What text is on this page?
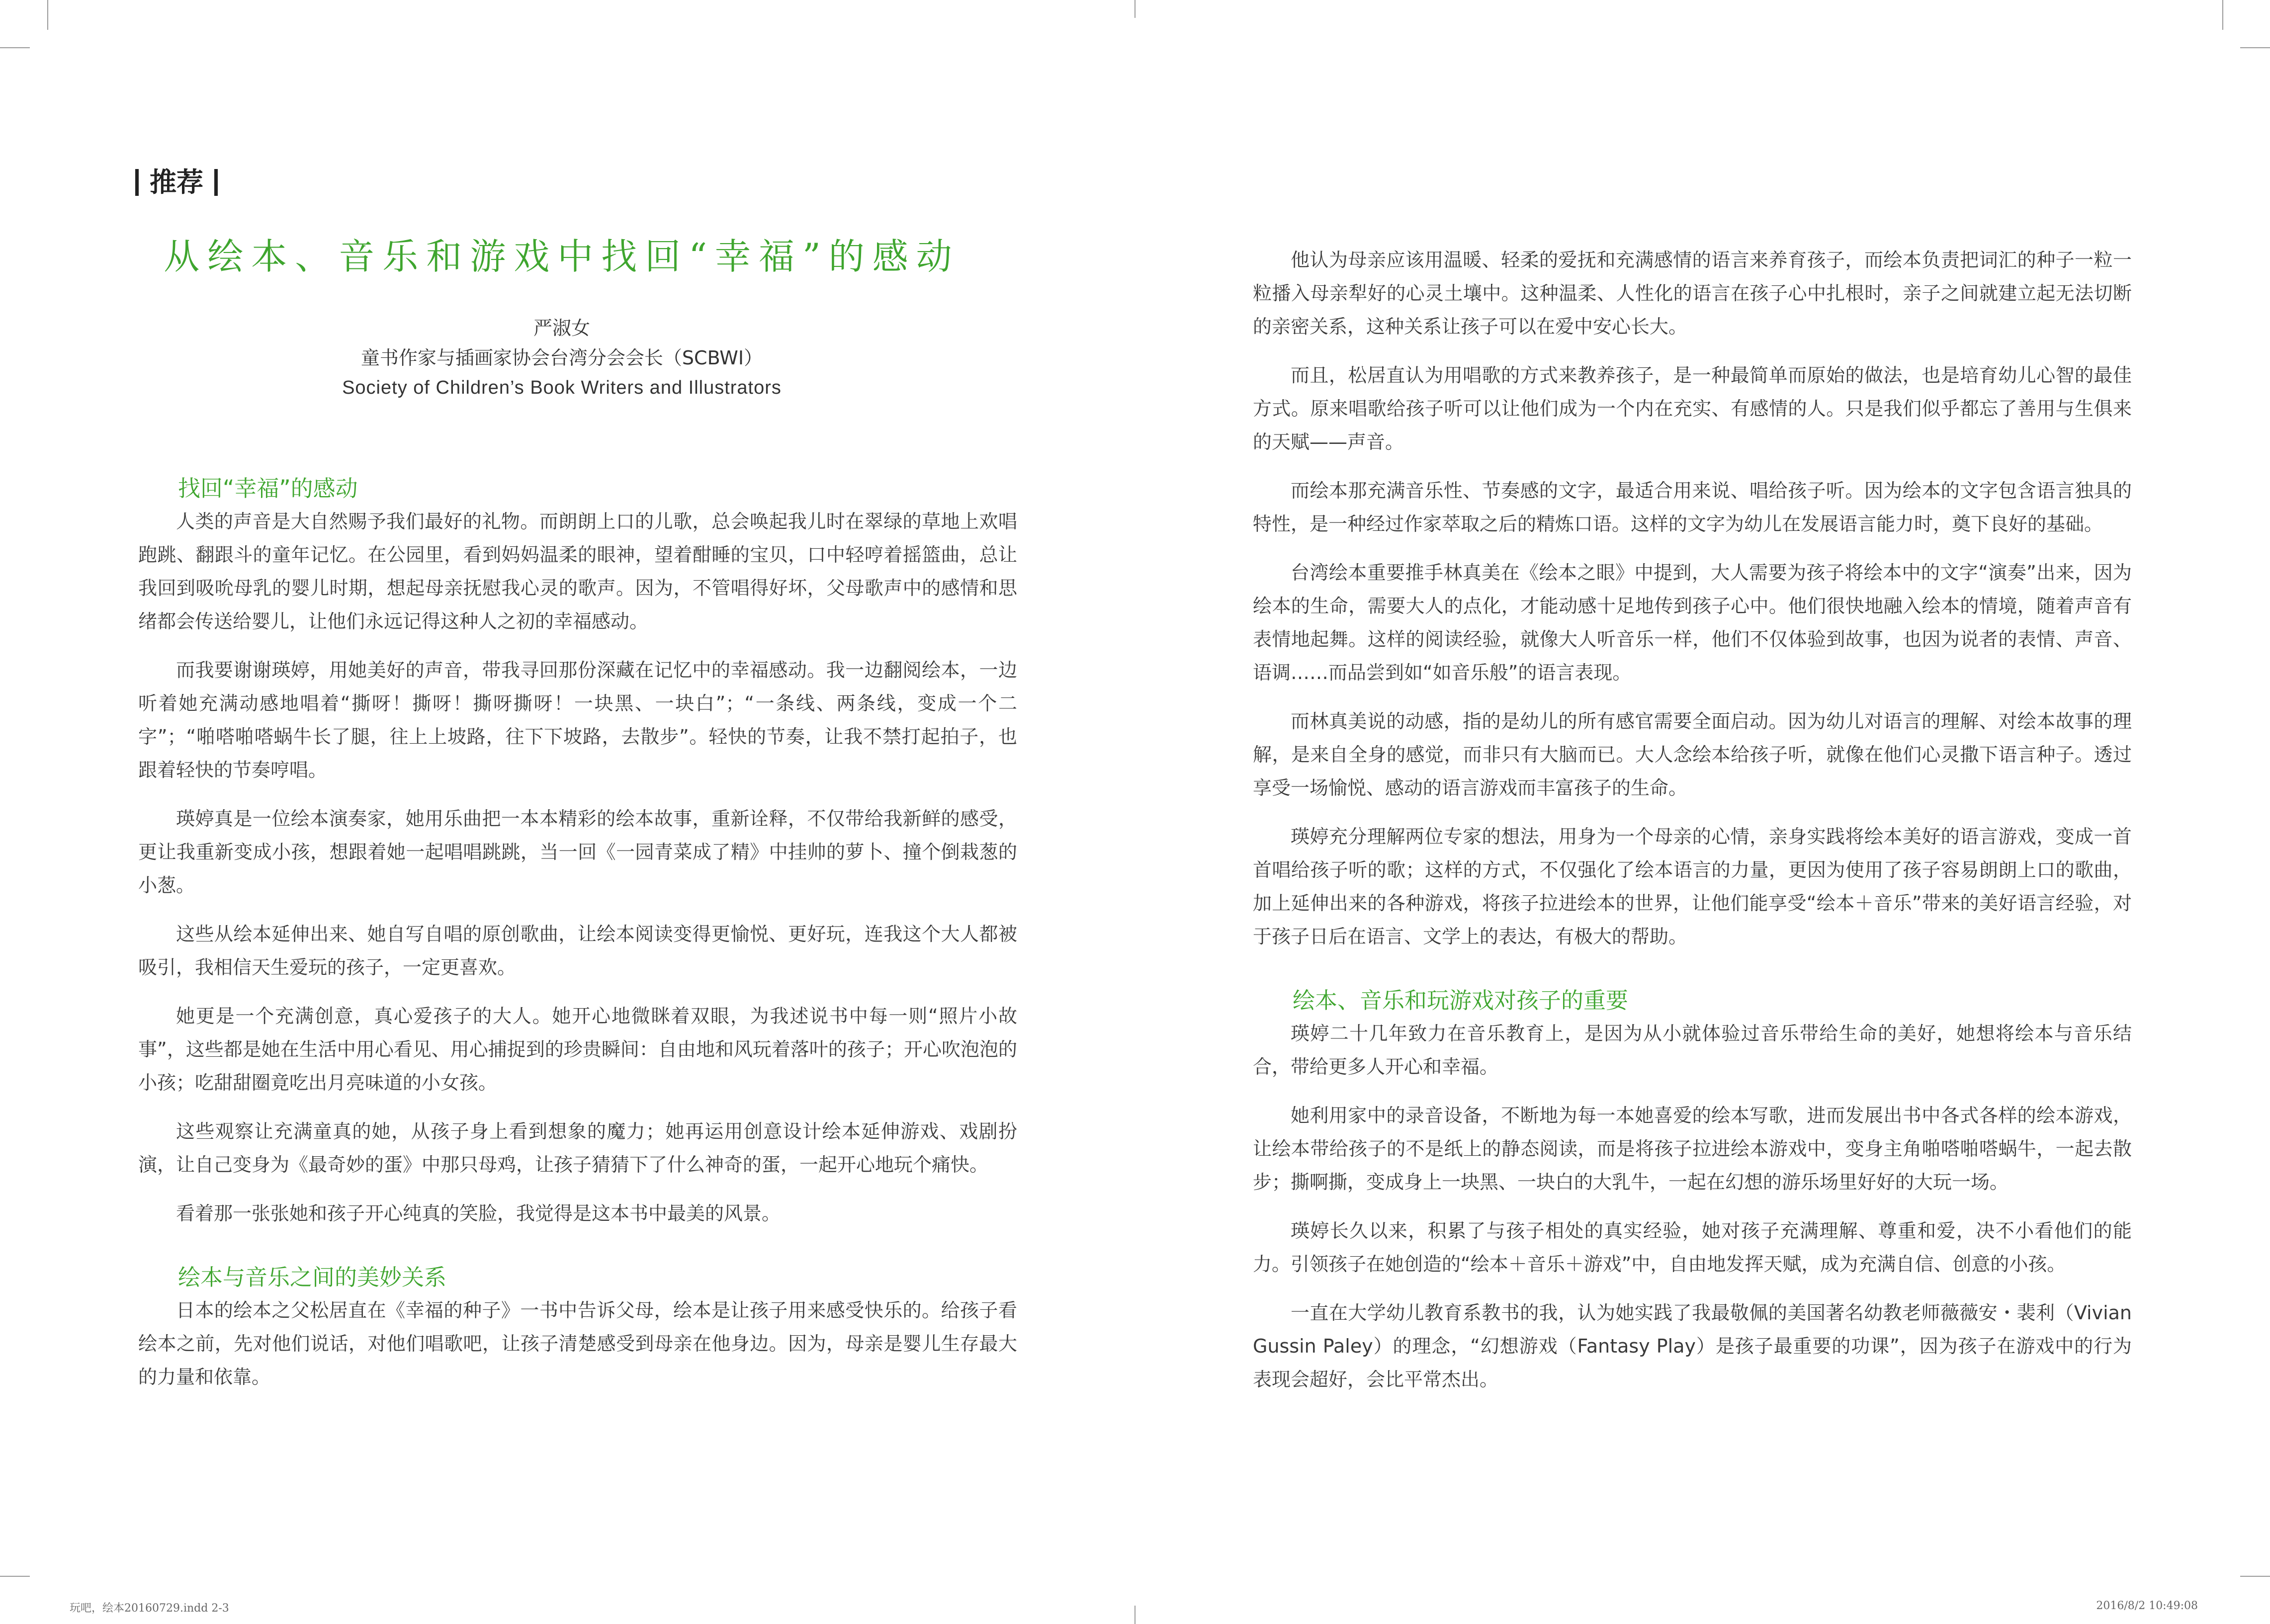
推荐
从绘本、音乐和游戏中找回“幸福”的感动
严淑女
童书作家与插画家协会台湾分会会长（SCBWI）
Society of Children’s Book Writers and Illustrators
找回“幸福”的感动

人类的声音是大自然赐予我们最好的礼物。而朗朗上口的儿歌，总会唤起我儿时在翠绿的草地上欢唱跑跳、翻跟斗的童年记忆。在公园里，看到妈妈温柔的眼神，望着酣睡的宝贝，口中轻哼着摇篮曲，总让我回到吸吮母乳的婴儿时期，想起母亲抚慰我心灵的歌声。因为，不管唱得好坏，父母歌声中的感情和思绪都会传送给婴儿，让他们永远记得这种人之初的幸福感动。

而我要谢谢瑛婷，用她美好的声音，带我寻回那份深藏在记忆中的幸福感动。我一边翻阅绘本，一边听着她充满动感地唱着“撕呀！撕呀！撕呀撕呀！一块黑、一块白”；“一条线、两条线，变成一个二字”；“啪嗒啪嗒蜗牛长了腿，往上上坡路，往下下坡路，去散步”。轻快的节奏，让我不禁打起拍子，也跟着轻快的节奏哼唱。

瑛婷真是一位绘本演奏家，她用乐曲把一本本精彩的绘本故事，重新诠释，不仅带给我新鲜的感受，更让我重新变成小孩，想跟着她一起唱唱跳跳，当一回《一园青菜成了精》中挂帅的萝卜、撞个倒栽葱的小葱。

这些从绘本延伸出来、她自写自唱的原创歌曲，让绘本阅读变得更愉悦、更好玩，连我这个大人都被吸引，我相信天生爱玩的孩子，一定更喜欢。

她更是一个充满创意，真心爱孩子的大人。她开心地微眯着双眼，为我述说书中每一则“照片小故事”，这些都是她在生活中用心看见、用心捕捉到的珍贵瞬间：自由地和风玩着落叶的孩子；开心吹泡泡的小孩；吃甜甜圈竟吃出月亮味道的小女孩。

这些观察让充满童真的她，从孩子身上看到想象的魔力；她再运用创意设计绘本延伸游戏、戏剧扮演，让自己变身为《最奇妙的蛋》中那只母鸡，让孩子猜猜下了什么神奇的蛋，一起开心地玩个痛快。

看着那一张张她和孩子开心纯真的笑脸，我觉得是这本书中最美的风景。

绘本与音乐之间的美妙关系

日本的绘本之父松居直在《幸福的种子》一书中告诉父母，绘本是让孩子用来感受快乐的。给孩子看绘本之前，先对他们说话，对他们唱歌吧，让孩子清楚感受到母亲在他身边。因为，母亲是婴儿生存最大的力量和依靠。

他认为母亲应该用温暖、轻柔的爱抚和充满感情的语言来养育孩子，而绘本负责把词汇的种子一粒一粒播入母亲犁好的心灵土壤中。这种温柔、人性化的语言在孩子心中扎根时，亲子之间就建立起无法切断的亲密关系，这种关系让孩子可以在爱中安心长大。

而且，松居直认为用唱歌的方式来教养孩子，是一种最简单而原始的做法，也是培育幼儿心智的最佳方式。原来唱歌给孩子听可以让他们成为一个内在充实、有感情的人。只是我们似乎都忘了善用与生俱来的天赋——声音。

而绘本那充满音乐性、节奏感的文字，最适合用来说、唱给孩子听。因为绘本的文字包含语言独具的特性，是一种经过作家萃取之后的精炼口语。这样的文字为幼儿在发展语言能力时，奠下良好的基础。

台湾绘本重要推手林真美在《绘本之眼》中提到，大人需要为孩子将绘本中的文字“演奏”出来，因为绘本的生命，需要大人的点化，才能动感十足地传到孩子心中。他们很快地融入绘本的情境，随着声音有表情地起舞。这样的阅读经验，就像大人听音乐一样，他们不仅体验到故事，也因为说者的表情、声音、语调……而品尝到如“如音乐般”的语言表现。

而林真美说的动感，指的是幼儿的所有感官需要全面启动。因为幼儿对语言的理解、对绘本故事的理解，是来自全身的感觉，而非只有大脑而已。大人念绘本给孩子听，就像在他们心灵撒下语言种子。透过享受一场愉悦、感动的语言游戏而丰富孩子的生命。

瑛婷充分理解两位专家的想法，用身为一个母亲的心情，亲身实践将绘本美好的语言游戏，变成一首首唱给孩子听的歌；这样的方式，不仅强化了绘本语言的力量，更因为使用了孩子容易朗朗上口的歌曲，加上延伸出来的各种游戏，将孩子拉进绘本的世界，让他们能享受“绘本＋音乐”带来的美好语言经验，对于孩子日后在语言、文学上的表达，有极大的帮助。

绘本、音乐和玩游戏对孩子的重要

瑛婷二十几年致力在音乐教育上，是因为从小就体验过音乐带给生命的美好，她想将绘本与音乐结合，带给更多人开心和幸福。

她利用家中的录音设备，不断地为每一本她喜爱的绘本写歌，进而发展出书中各式各样的绘本游戏，让绘本带给孩子的不是纸上的静态阅读，而是将孩子拉进绘本游戏中，变身主角啪嗒啪嗒蜗牛，一起去散步；撕啊撕，变成身上一块黑、一块白的大乳牛，一起在幻想的游乐场里好好的大玩一场。

瑛婷长久以来，积累了与孩子相处的真实经验，她对孩子充满理解、尊重和爱，决不小看他们的能力。引领孩子在她创造的“绘本＋音乐＋游戏”中，自由地发挥天赋，成为充满自信、创意的小孩。

一直在大学幼儿教育系教书的我，认为她实践了我最敬佩的美国著名幼教老师薇薇安・裴利（Vivian Gussin Paley）的理念，“幻想游戏（Fantasy Play）是孩子最重要的功课”，因为孩子在游戏中的行为表现会超好，会比平常杰出。

玩吧，绘本20160729.indd 2-3	2016/8/2 10:49:08
